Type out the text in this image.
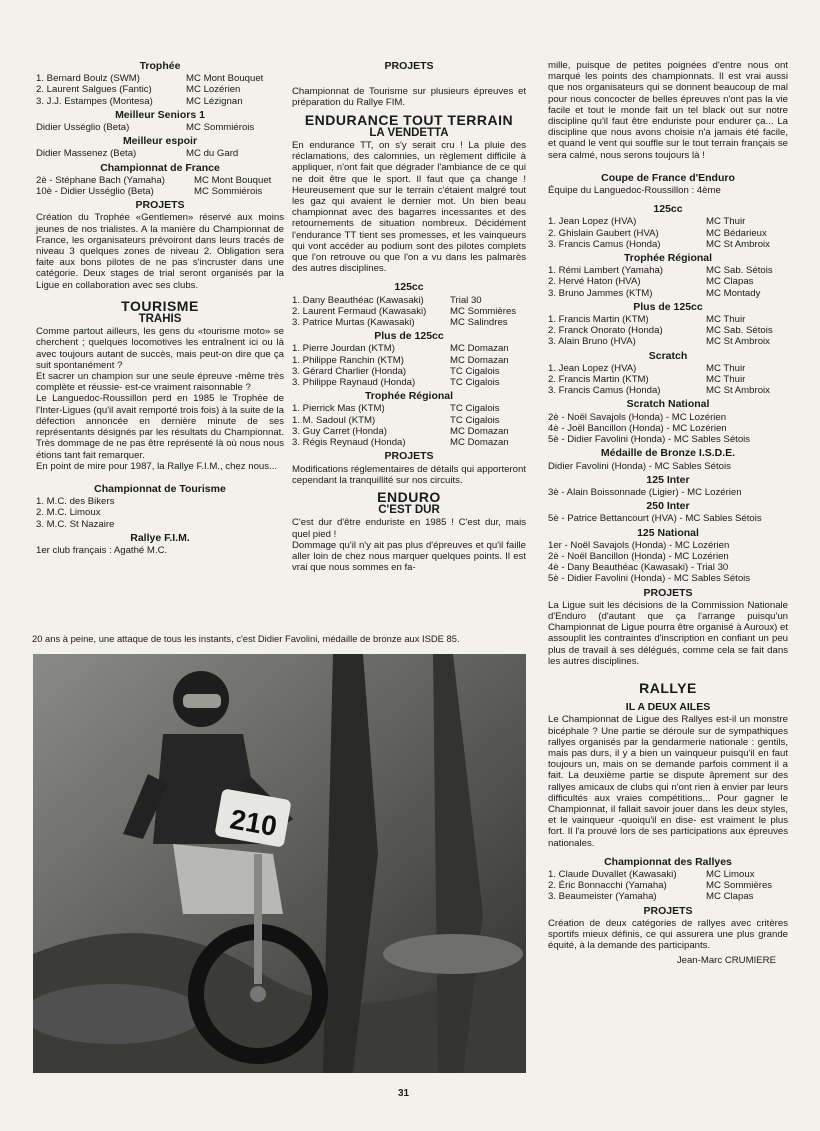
Trophée
1. Bernard Boulz (SWM)	MC Mont Bouquet
2. Laurent Salgues (Fantic)	MC Lozérien
3. J.J. Estampes (Montesa)	MC Lézignan
Meilleur Seniors 1
Didier Usséglio (Beta)	MC Sommiérois
Meilleur espoir
Didier Massenez (Beta)	MC du Gard
Championnat de France
2è - Stéphane Bach (Yamaha)	MC Mont Bouquet
10è - Didier Usséglio (Beta)	MC Sommiérois
PROJETS

Création du Trophée «Gentlemen» réservé aux moins jeunes de nos trialistes. A la manière du Championnat de France, les organisateurs prévoiront dans leurs tracés de niveau 3 quelques zones de niveau 2. Obligation sera faite aux bons pilotes de ne pas s'incruster dans une catégorie. Deux stages de trial seront organisés par la Ligue en collaboration avec ses clubs.

TOURISME
TRAHIS

Comme partout ailleurs, les gens du «tourisme moto» se cherchent ; quelques locomotives les entraînent ici ou là avec toujours autant de succès, mais peut-on dire que ça suit spontanément ?

Et sacrer un champion sur une seule épreuve -même très complète et réussie- est-ce vraiment raisonnable ?

Le Languedoc-Roussillon perd en 1985 le Trophée de l'Inter-Ligues (qu'il avait remporté trois fois) à la suite de la défection annoncée en dernière minute de ses représentants désignés par les résultats du Championnat. Très dommage de ne pas être représenté là où nous nous étions tant fait remarquer.

En point de mire pour 1987, la Rallye F.I.M., chez nous...

Championnat de Tourisme
1. M.C. des Bikers
2. M.C. Limoux
3. M.C. St Nazaire
Rallye F.I.M.
1er club français : Agathé M.C.
PROJETS

Championnat de Tourisme sur plusieurs épreuves et préparation du Rallye FIM.

ENDURANCE TOUT TERRAIN
LA VENDETTA

En endurance TT, on s'y serait cru ! La pluie des réclamations, des calomnies, un règlement difficile à appliquer, n'ont fait que dégrader l'ambiance de ce qui ne doit être que le sport. Il faut que ça change ! Heureusement que sur le terrain c'étaient malgré tout les gaz qui avaient le dernier mot. Un bien beau championnat avec des bagarres incessantes et des retournements de situation nombreux. Décidément l'endurance TT tient ses promesses, et les vainqueurs qui vont accéder au podium sont des pilotes complets que l'on retrouve ou que l'on a vu dans les palmarès des autres disciplines.

125cc
1. Dany Beauthéac (Kawasaki)	Trial 30
2. Laurent Fermaud (Kawasaki)	MC Sommières
3. Patrice Murtas (Kawasaki)	MC Salindres
Plus de 125cc
1. Pierre Jourdan (KTM)	MC Domazan
1. Philippe Ranchin (KTM)	MC Domazan
3. Gérard Charlier (Honda)	TC Cigalois
3. Philippe Raynaud (Honda)	TC Cigalois
Trophée Régional
1. Pierrick Mas (KTM)	TC Cigalois
1. M. Sadoul (KTM)	TC Cigalois
3. Guy Carret (Honda)	MC Domazan
3. Régis Reynaud (Honda)	MC Domazan
PROJETS

Modifications réglementaires de détails qui apporteront cependant la tranquillité sur nos circuits.

ENDURO
C'EST DUR

C'est dur d'être enduriste en 1985 ! C'est dur, mais quel pied !

Dommage qu'il n'y ait pas plus d'épreuves et qu'il faille aller loin de chez nous marquer quelques points. Il est vrai que nous sommes en fa-

mille, puisque de petites poignées d'entre nous ont marqué les points des championnats. Il est vrai aussi que nos organisateurs qui se donnent beaucoup de mal pour nous concocter de belles épreuves n'ont pas la vie facile et tout le monde fait un tel black out sur notre discipline qu'il faut être enduriste pour endurer ça... La discipline que nous avons choisie n'a jamais été facile, et quand le vent qui souffle sur le tout terrain français se sera calmé, nous serons toujours là !

Coupe de France d'Enduro
Équipe du Languedoc-Roussillon : 4ème
125cc
1. Jean Lopez (HVA)	MC Thuir
2. Ghislain Gaubert (HVA)	MC Bédarieux
3. Francis Camus (Honda)	MC St Ambroix
Trophée Régional
1. Rémi Lambert (Yamaha)	MC Sab. Sétois
2. Hervé Haton (HVA)	MC Clapas
3. Bruno Jammes (KTM)	MC Montady
Plus de 125cc
1. Francis Martin (KTM)	MC Thuir
2. Franck Onorato (Honda)	MC Sab. Sétois
3. Alain Bruno (HVA)	MC St Ambroix
Scratch
1. Jean Lopez (HVA)	MC Thuir
2. Francis Martin (KTM)	MC Thuir
3. Francis Camus (Honda)	MC St Ambroix
Scratch National
2è - Noël Savajols (Honda) - MC Lozérien
4è - Joël Bancillon (Honda) - MC Lozérien
5è - Didier Favolini (Honda) - MC Sables Sétois
Médaille de Bronze I.S.D.E.
Didier Favolini (Honda) - MC Sables Sétois
125 Inter
3è - Alain Boissonnade (Ligier) - MC Lozérien
250 Inter
5è - Patrice Bettancourt (HVA) - MC Sables Sétois
125 National
1er - Noël Savajols (Honda) - MC Lozérien
2è - Noël Bancillon (Honda) - MC Lozérien
4è - Dany Beauthéac (Kawasaki) - Trial 30
5è - Didier Favolini (Honda) - MC Sables Sétois
PROJETS

La Ligue suit les décisions de la Commission Nationale d'Enduro (d'autant que ça l'arrange puisqu'un Championnat de Ligue pourra être organisé à Auroux) et assouplit les contraintes d'inscription en confiant un peu plus de travail à ses délégués, comme cela se fait dans les autres disciplines.

RALLYE
IL A DEUX AILES

Le Championnat de Ligue des Rallyes est-il un monstre bicéphale ? Une partie se déroule sur de sympathiques rallyes organisés par la gendarmerie nationale : gentils, mais pas durs, il y a bien un vainqueur puisqu'il en faut toujours un, mais on se demande parfois comment il a fait. La deuxième partie se dispute âprement sur des rallyes amicaux de clubs qui n'ont rien à envier par leurs difficultés aux vraies compétitions... Pour gagner le Championnat, il fallait savoir jouer dans les deux styles, et le vainqueur -quoiqu'il en dise- est vraiment le plus fort. Il l'a prouvé lors de ses participations aux épreuves nationales.

Championnat des Rallyes
1. Claude Duvallet (Kawasaki)	MC Limoux
2. Éric Bonnacchi (Yamaha)	MC Sommières
3. Beaumeister (Yamaha)	MC Clapas
PROJETS

Création de deux catégories de rallyes avec critères sportifs mieux définis, ce qui assurera une plus grande équité, à la demande des participants.

Jean-Marc CRUMIERE
20 ans à peine, une attaque de tous les instants, c'est Didier Favolini, médaille de bronze aux ISDE 85.
210
31
